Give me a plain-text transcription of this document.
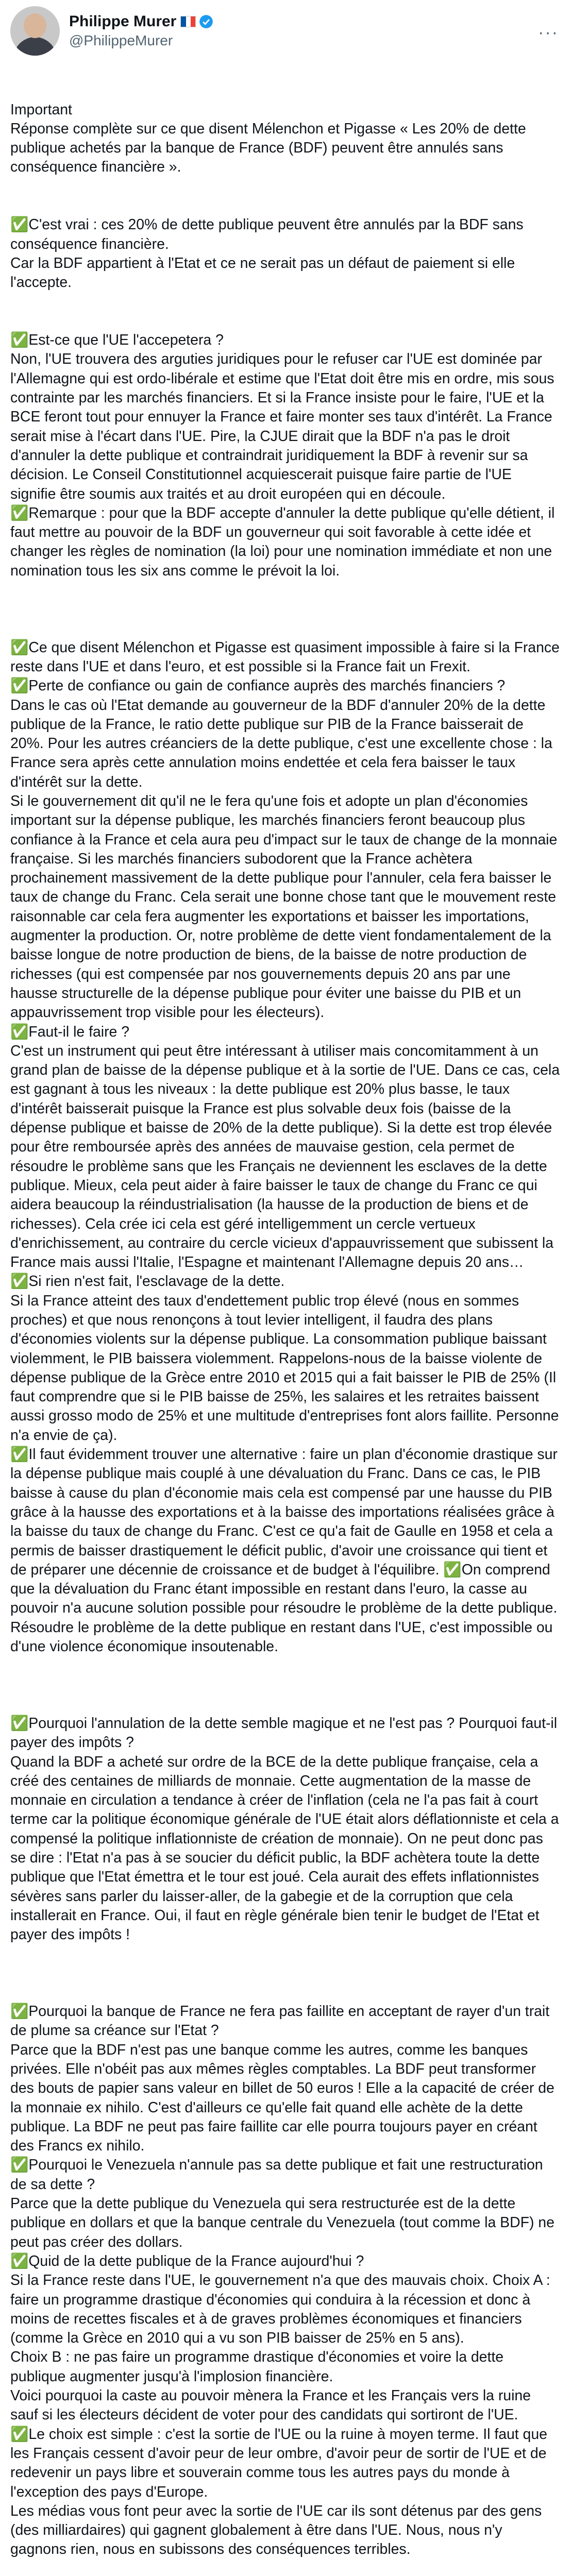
Philippe Murer
@PhilippeMurer	···

Important
Réponse complète sur ce que disent Mélenchon et Pigasse « Les 20% de dette publique achetés par la banque de France (BDF) peuvent être annulés sans conséquence financière ».

✅C'est vrai : ces 20% de dette publique peuvent être annulés par la BDF sans conséquence financière.
Car la BDF appartient à l'Etat et ce ne serait pas un défaut de paiement si elle l'accepte.

✅Est-ce que l'UE l'accepetera ?
Non, l'UE trouvera des arguties juridiques pour le refuser car l'UE est dominée par l'Allemagne qui est ordo-libérale et estime que l'Etat doit être mis en ordre, mis sous contrainte par les marchés financiers. Et si la France insiste pour le faire, l'UE et la BCE feront tout pour ennuyer la France et faire monter ses taux d'intérêt. La France serait mise à l'écart dans l'UE. Pire, la CJUE dirait que la BDF n'a pas le droit d'annuler la dette publique et contraindrait juridiquement la BDF à revenir sur sa décision. Le Conseil Constitutionnel acquiescerait puisque faire partie de l'UE signifie être soumis aux traités et au droit européen qui en découle.
✅Remarque : pour que la BDF accepte d'annuler la dette publique qu'elle détient, il faut mettre au pouvoir de la BDF un gouverneur qui soit favorable à cette idée et changer les règles de nomination (la loi) pour une nomination immédiate et non une nomination tous les six ans comme le prévoit la loi.

✅Ce que disent Mélenchon et Pigasse est quasiment impossible à faire si la France reste dans l'UE et dans l'euro, et est possible si la France fait un Frexit.
✅Perte de confiance ou gain de confiance auprès des marchés financiers ?
Dans le cas où l'Etat demande au gouverneur de la BDF d'annuler 20% de la dette publique de la France, le ratio dette publique sur PIB de la France baisserait de 20%. Pour les autres créanciers de la dette publique, c'est une excellente chose : la France sera après cette annulation moins endettée et cela fera baisser le taux d'intérêt sur la dette.
Si le gouvernement dit qu'il ne le fera qu'une fois et adopte un plan d'économies important sur la dépense publique, les marchés financiers feront beaucoup plus confiance à la France et cela aura peu d'impact sur le taux de change de la monnaie française. Si les marchés financiers subodorent que la France achètera prochainement massivement de la dette publique pour l'annuler, cela fera baisser le taux de change du Franc. Cela serait une bonne chose tant que le mouvement reste raisonnable car cela fera augmenter les exportations et baisser les importations, augmenter la production. Or, notre problème de dette vient fondamentalement de la baisse longue de notre production de biens, de la baisse de notre production de richesses (qui est compensée par nos gouvernements depuis 20 ans par une hausse structurelle de la dépense publique pour éviter une baisse du PIB et un appauvrissement trop visible pour les électeurs).
✅Faut-il le faire ?
C'est un instrument qui peut être intéressant à utiliser mais concomitamment à un grand plan de baisse de la dépense publique et à la sortie de l'UE. Dans ce cas, cela est gagnant à tous les niveaux : la dette publique est 20% plus basse, le taux d'intérêt baisserait puisque la France est plus solvable deux fois (baisse de la dépense publique et baisse de 20% de la dette publique). Si la dette est trop élevée pour être remboursée après des années de mauvaise gestion, cela permet de résoudre le problème sans que les Français ne deviennent les esclaves de la dette publique. Mieux, cela peut aider à faire baisser le taux de change du Franc ce qui aidera beaucoup la réindustrialisation (la hausse de la production de biens et de richesses). Cela crée ici cela est géré intelligemment un cercle vertueux d'enrichissement, au contraire du cercle vicieux d'appauvrissement que subissent la France mais aussi l'Italie, l'Espagne et maintenant l'Allemagne depuis 20 ans…
✅Si rien n'est fait, l'esclavage de la dette.
Si la France atteint des taux d'endettement public trop élevé (nous en sommes proches) et que nous renonçons à tout levier intelligent, il faudra des plans d'économies violents sur la dépense publique. La consommation publique baissant violemment, le PIB baissera violemment. Rappelons-nous de la baisse violente de dépense publique de la Grèce entre 2010 et 2015 qui a fait baisser le PIB de 25% (Il faut comprendre que si le PIB baisse de 25%, les salaires et les retraites baissent aussi grosso modo de 25% et une multitude d'entreprises font alors faillite. Personne n'a envie de ça).
✅Il faut évidemment trouver une alternative : faire un plan d'économie drastique sur la dépense publique mais couplé à une dévaluation du Franc. Dans ce cas, le PIB baisse à cause du plan d'économie mais cela est compensé par une hausse du PIB grâce à la hausse des exportations et à la baisse des importations réalisées grâce à la baisse du taux de change du Franc. C'est ce qu'a fait de Gaulle en 1958 et cela a permis de baisser drastiquement le déficit public, d'avoir une croissance qui tient et de préparer une décennie de croissance et de budget à l'équilibre. ✅On comprend que la dévaluation du Franc étant impossible en restant dans l'euro, la casse au pouvoir n'a aucune solution possible pour résoudre le problème de la dette publique. Résoudre le problème de la dette publique en restant dans l'UE, c'est impossible ou d'une violence économique insoutenable.

✅Pourquoi l'annulation de la dette semble magique et ne l'est pas ? Pourquoi faut-il payer des impôts ?
Quand la BDF a acheté sur ordre de la BCE de la dette publique française, cela a créé des centaines de milliards de monnaie. Cette augmentation de la masse de monnaie en circulation a tendance à créer de l'inflation (cela ne l'a pas fait à court terme car la politique économique générale de l'UE était alors déflationniste et cela a compensé la politique inflationniste de création de monnaie). On ne peut donc pas se dire : l'Etat n'a pas à se soucier du déficit public, la BDF achètera toute la dette publique que l'Etat émettra et le tour est joué. Cela aurait des effets inflationnistes sévères sans parler du laisser-aller, de la gabegie et de la corruption que cela installerait en France. Oui, il faut en règle générale bien tenir le budget de l'Etat et payer des impôts !

✅Pourquoi la banque de France ne fera pas faillite en acceptant de rayer d'un trait de plume sa créance sur l'Etat ?
Parce que la BDF n'est pas une banque comme les autres, comme les banques privées. Elle n'obéit pas aux mêmes règles comptables. La BDF peut transformer des bouts de papier sans valeur en billet de 50 euros ! Elle a la capacité de créer de la monnaie ex nihilo. C'est d'ailleurs ce qu'elle fait quand elle achète de la dette publique. La BDF ne peut pas faire faillite car elle pourra toujours payer en créant des Francs ex nihilo.
✅Pourquoi le Venezuela n'annule pas sa dette publique et fait une restructuration de sa dette ?
Parce que la dette publique du Venezuela qui sera restructurée est de la dette publique en dollars et que la banque centrale du Venezuela (tout comme la BDF) ne peut pas créer des dollars.
✅Quid de la dette publique de la France aujourd'hui ?
Si la France reste dans l'UE, le gouvernement n'a que des mauvais choix. Choix A : faire un programme drastique d'économies qui conduira à la récession et donc à moins de recettes fiscales et à de graves problèmes économiques et financiers (comme la Grèce en 2010 qui a vu son PIB baisser de 25% en 5 ans).
Choix B : ne pas faire un programme drastique d'économies et voire la dette publique augmenter jusqu'à l'implosion financière.
Voici pourquoi la caste au pouvoir mènera la France et les Français vers la ruine sauf si les électeurs décident de voter pour des candidats qui sortiront de l'UE.
✅Le choix est simple : c'est la sortie de l'UE ou la ruine à moyen terme. Il faut que les Français cessent d'avoir peur de leur ombre, d'avoir peur de sortir de l'UE et de redevenir un pays libre et souverain comme tous les autres pays du monde à l'exception des pays d'Europe.
Les médias vous font peur avec la sortie de l'UE car ils sont détenus par des gens (des milliardaires) qui gagnent globalement à être dans l'UE. Nous, nous n'y gagnons rien, nous en subissons des conséquences terribles.
